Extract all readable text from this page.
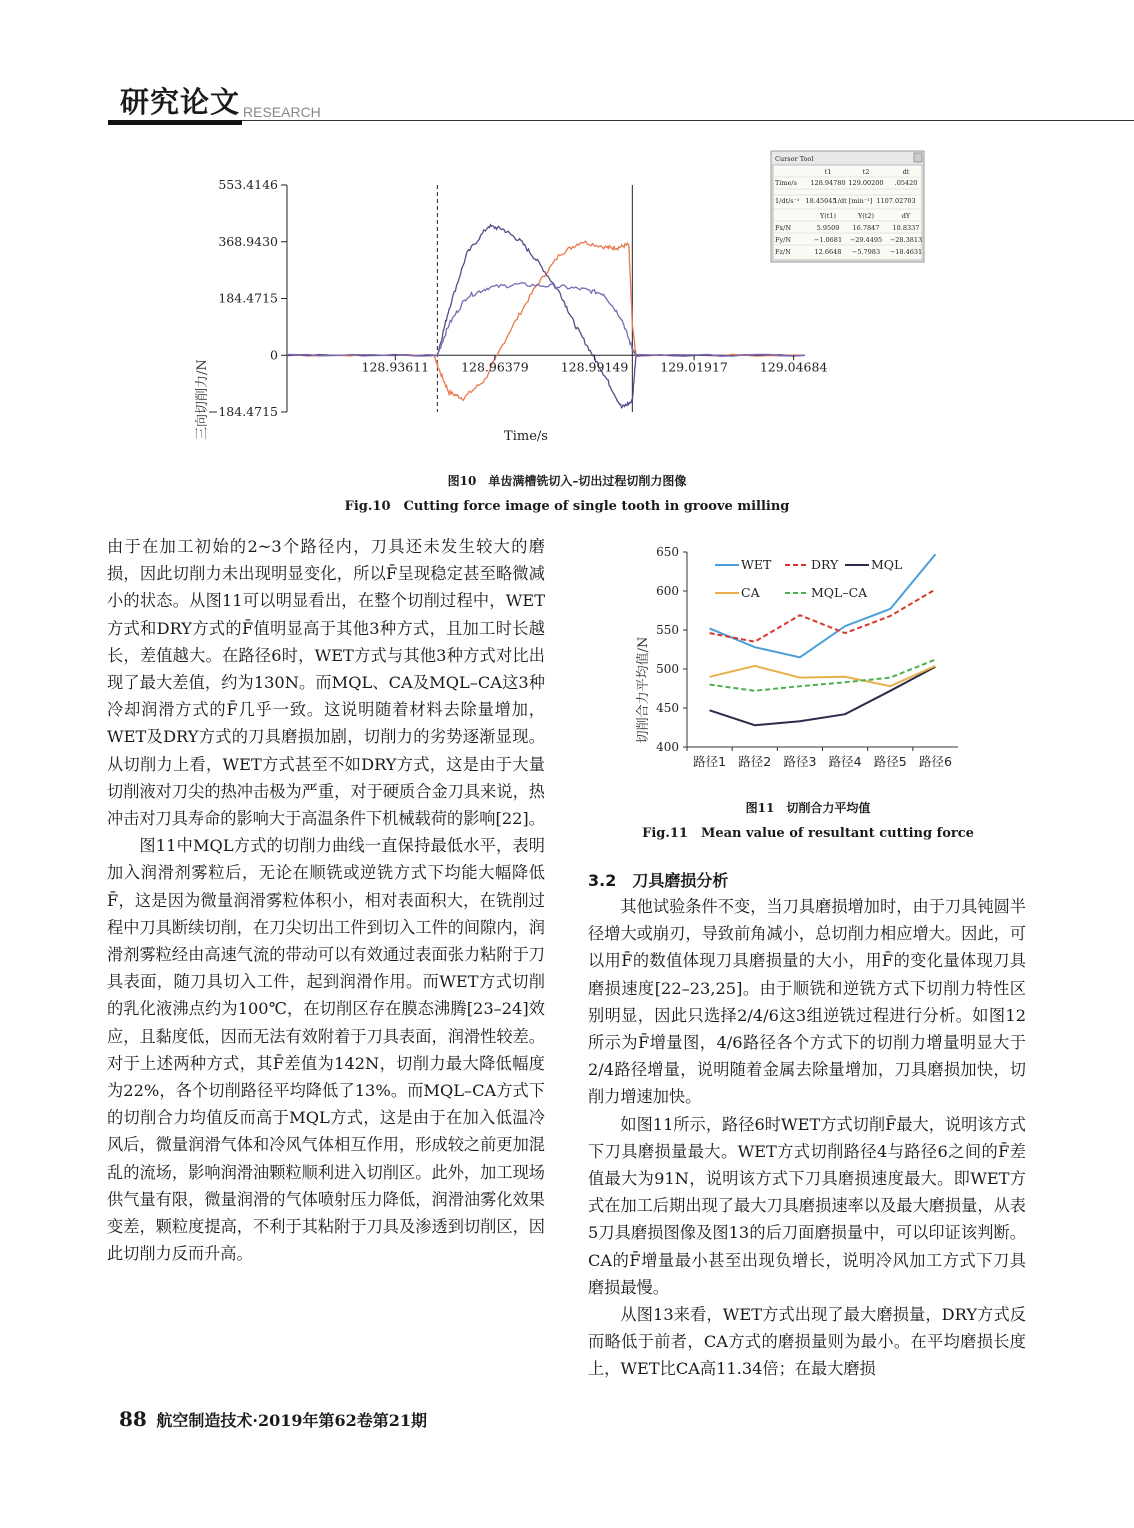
研究论文 RESEARCH
553.4146
368.9430
184.4715
0
−184.4715
128.93611	128.96379	128.99149	129.01917	129.04684
三向切削力/N	Time/s
Cursor Tool
t1	t2	dt
Time/s 128.94780 129.00200 .05420
1/dt/s⁻¹ 18.45045
1/dt [min⁻¹] 1107.02703
Y(t1)	Y(t2)	dY
Fx/N	5.9509 16.7847 10.8337
Fy/N	−1.0681 −29.4495 −28.3813
Fz/N	12.6648 −5.7983 −18.4631
图10　单齿满槽铣切入–切出过程切削力图像
Fig.10　Cutting force image of single tooth in groove milling

由于在加工初始的2~3个路径内，刀具还未发生较大的磨损，因此切削力未出现明显变化，所以F̄呈现稳定甚至略微减小的状态。从图11可以明显看出，在整个切削过程中，WET方式和DRY方式的F̄值明显高于其他3种方式，且加工时长越长，差值越大。在路径6时，WET方式与其他3种方式对比出现了最大差值，约为130N。而MQL、CA及MQL–CA这3种冷却润滑方式的F̄几乎一致。这说明随着材料去除量增加，WET及DRY方式的刀具磨损加剧，切削力的劣势逐渐显现。从切削力上看，WET方式甚至不如DRY方式，这是由于大量切削液对刀尖的热冲击极为严重，对于硬质合金刀具来说，热冲击对刀具寿命的影响大于高温条件下机械载荷的影响[22]。

图11中MQL方式的切削力曲线一直保持最低水平，表明加入润滑剂雾粒后，无论在顺铣或逆铣方式下均能大幅降低F̄，这是因为微量润滑雾粒体积小，相对表面积大，在铣削过程中刀具断续切削，在刀尖切出工件到切入工件的间隙内，润滑剂雾粒经由高速气流的带动可以有效通过表面张力粘附于刀具表面，随刀具切入工件，起到润滑作用。而WET方式切削的乳化液沸点约为100℃，在切削区存在膜态沸腾[23–24]效应，且黏度低，因而无法有效附着于刀具表面，润滑性较差。对于上述两种方式，其F̄差值为142N，切削力最大降低幅度为22%，各个切削路径平均降低了13%。而MQL–CA方式下的切削合力均值反而高于MQL方式，这是由于在加入低温冷风后，微量润滑气体和冷风气体相互作用，形成较之前更加混乱的流场，影响润滑油颗粒顺利进入切削区。此外，加工现场供气量有限，微量润滑的气体喷射压力降低，润滑油雾化效果变差，颗粒度提高，不利于其粘附于刀具及渗透到切削区，因此切削力反而升高。

400
450
500
550
600
650
路径1 路径2 路径3 路径4 路径5 路径6
WET	DRY	MQL
CA	MQL–CA
切削合力平均值/N
图11　切削合力平均值
Fig.11　Mean value of resultant cutting force
3.2　刀具磨损分析

其他试验条件不变，当刀具磨损增加时，由于刀具钝圆半径增大或崩刃，导致前角减小，总切削力相应增大。因此，可以用F̄的数值体现刀具磨损量的大小，用F̄的变化量体现刀具磨损速度[22–23,25]。由于顺铣和逆铣方式下切削力特性区别明显，因此只选择2/4/6这3组逆铣过程进行分析。如图12所示为F̄增量图，4/6路径各个方式下的切削力增量明显大于2/4路径增量，说明随着金属去除量增加，刀具磨损加快，切削力增速加快。

如图11所示，路径6时WET方式切削F̄最大，说明该方式下刀具磨损量最大。WET方式切削路径4与路径6之间的F̄差值最大为91N，说明该方式下刀具磨损速度最大。即WET方式在加工后期出现了最大刀具磨损速率以及最大磨损量，从表5刀具磨损图像及图13的后刀面磨损量中，可以印证该判断。CA的F̄增量最小甚至出现负增长，说明冷风加工方式下刀具磨损最慢。

从图13来看，WET方式出现了最大磨损量，DRY方式反而略低于前者，CA方式的磨损量则为最小。在平均磨损长度上，WET比CA高11.34倍；在最大磨损

88 航空制造技术·2019年第62卷第21期
